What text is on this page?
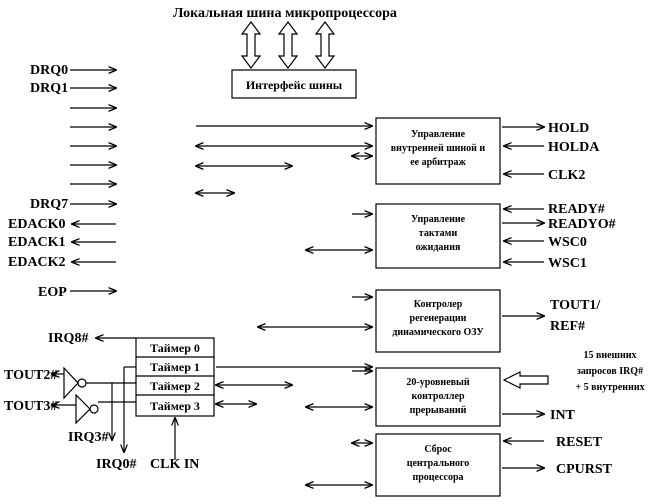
Локальная шина микропроцессора
Интерфейс шины
Управление
внутренней шиной и
ее арбитраж
Управление
тактами
ожидания
Контролер
регенерации
динамического ОЗУ
20-уровневый
контроллер
прерываний
Сброс
центрального
процессора
DRQ0
DRQ1
DRQ7
EDACK0
EDACK1
EDACK2
EOP
HOLD
HOLDA
CLK2
READY#
READYO#
WSC0
WSC1
TOUT1/
REF#
15 внешних
запросов IRQ#
+ 5 внутренних
INT
RESET
CPURST
Таймер 0
Таймер 1
Таймер 2
Таймер 3
IRQ8#
TOUT2#
TOUT3#
IRQ3#
IRQ0# CLK IN
